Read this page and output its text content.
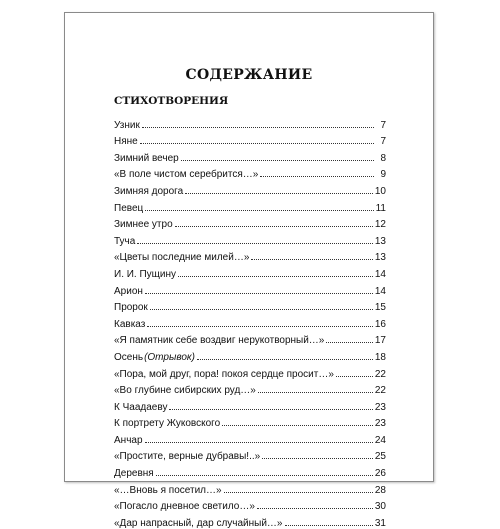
СОДЕРЖАНИЕ
СТИХОТВОРЕНИЯ
Узник	7
Няне	7
Зимний вечер	8
«В поле чистом серебрится…»	9
Зимняя дорога	10
Певец	11
Зимнее утро	12
Туча	13
«Цветы последние милей…»	13
И. И. Пущину	14
Арион	14
Пророк	15
Кавказ	16
«Я памятник себе воздвиг нерукотворный…»	17
Осень (Отрывок)	18
«Пора, мой друг, пора! покоя сердце просит…»	22
«Во глубине сибирских руд…»	22
К Чаадаеву	23
К портрету Жуковского	23
Анчар	24
«Простите, верные дубравы!..»	25
Деревня	26
«…Вновь я посетил…»	28
«Погасло дневное светило…»	30
«Дар напрасный, дар случайный…»	31
